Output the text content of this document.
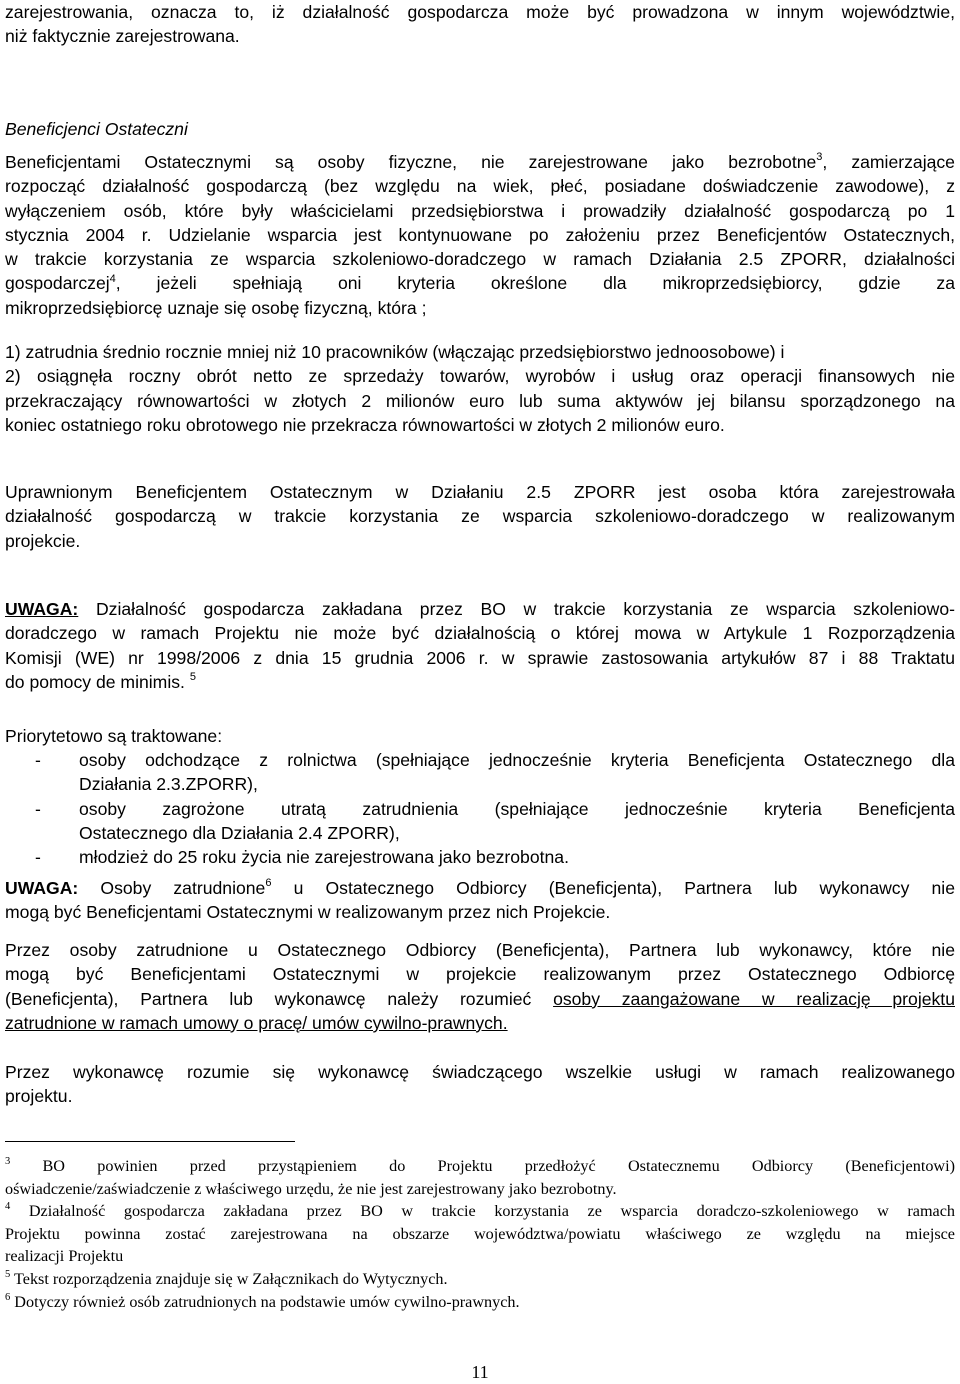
zarejestrowania, oznacza to, iż działalność gospodarcza może być prowadzona w innym województwie,
niż faktycznie zarejestrowana.
Beneficjenci Ostateczni
Beneficjentami Ostatecznymi są osoby fizyczne, nie zarejestrowane jako bezrobotne$^3$, zamierzające
rozpocząć działalność gospodarczą (bez względu na wiek, płeć, posiadane doświadczenie zawodowe), z
wyłączeniem osób, które były właścicielami przedsiębiorstwa i prowadziły działalność gospodarczą po 1
stycznia 2004 r. Udzielanie wsparcia jest kontynuowane po założeniu przez Beneficjentów Ostatecznych,
w trakcie korzystania ze wsparcia szkoleniowo-doradczego w ramach Działania 2.5 ZPORR, działalności
gospodarczej$^4$, jeżeli spełniają oni kryteria określone dla mikroprzedsiębiorcy, gdzie za
mikroprzedsiębiorcę uznaje się osobę fizyczną, która ;
1) zatrudnia średnio rocznie mniej niż 10 pracowników (włączając przedsiębiorstwo jednoosobowe) i
2) osiągnęła roczny obrót netto ze sprzedaży towarów, wyrobów i usług oraz operacji finansowych nie
przekraczający równowartości w złotych 2 milionów euro lub suma aktywów jej bilansu sporządzonego na
koniec ostatniego roku obrotowego nie przekracza równowartości w złotych 2 milionów euro.
Uprawnionym Beneficjentem Ostatecznym w Działaniu 2.5 ZPORR jest osoba która zarejestrowała
działalność gospodarczą w trakcie korzystania ze wsparcia szkoleniowo-doradczego w realizowanym
projekcie.
UWAGA: Działalność gospodarcza zakładana przez BO w trakcie korzystania ze wsparcia szkoleniowo-
doradczego w ramach Projektu nie może być działalnością o której mowa w Artykule 1 Rozporządzenia
Komisji (WE) nr 1998/2006 z dnia 15 grudnia 2006 r. w sprawie zastosowania artykułów 87 i 88 Traktatu
do pomocy de minimis. $^5$
Priorytetowo są traktowane:
- osoby odchodzące z rolnictwa (spełniające jednocześnie kryteria Beneficjenta Ostatecznego dla
Działania 2.3.ZPORR),
- osoby zagrożone utratą zatrudnienia (spełniające jednocześnie kryteria Beneficjenta
Ostatecznego dla Działania 2.4 ZPORR),
- młodzież do 25 roku życia nie zarejestrowana jako bezrobotna.
UWAGA: Osoby zatrudnione$^6$ u Ostatecznego Odbiorcy (Beneficjenta), Partnera lub wykonawcy nie
mogą być Beneficjentami Ostatecznymi w realizowanym przez nich Projekcie.
Przez osoby zatrudnione u Ostatecznego Odbiorcy (Beneficjenta), Partnera lub wykonawcy, które nie
mogą być Beneficjentami Ostatecznymi w projekcie realizowanym przez Ostatecznego Odbiorcę
(Beneficjenta), Partnera lub wykonawcę należy rozumieć osoby zaangażowane w realizację projektu
zatrudnione w ramach umowy o pracę/ umów cywilno-prawnych.
Przez wykonawcę rozumie się wykonawcę świadczącego wszelkie usługi w ramach realizowanego
projektu.
$^3$ BO powinien przed przystąpieniem do Projektu przedłożyć Ostatecznemu Odbiorcy (Beneficjentowi)
oświadczenie/zaświadczenie z właściwego urzędu, że nie jest zarejestrowany jako bezrobotny.
$^4$ Działalność gospodarcza zakładana przez BO w trakcie korzystania ze wsparcia doradczo-szkoleniowego w ramach
Projektu powinna zostać zarejestrowana na obszarze województwa/powiatu właściwego ze względu na miejsce
realizacji Projektu
$^5$ Tekst rozporządzenia znajduje się w Załącznikach do Wytycznych.
$^6$ Dotyczy również osób zatrudnionych na podstawie umów cywilno-prawnych.
11
